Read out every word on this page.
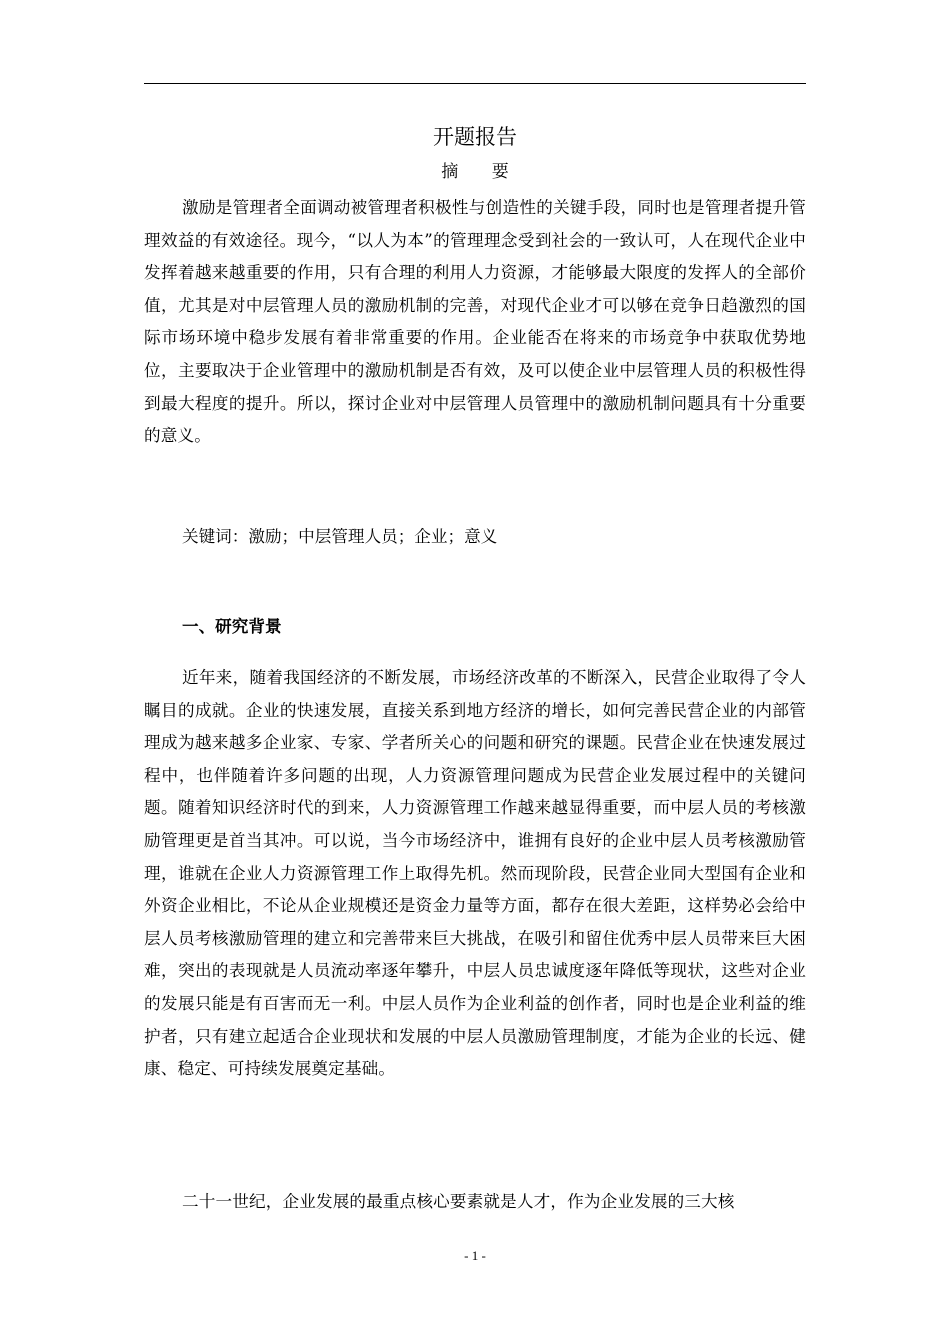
开题报告
摘 要

激励是管理者全面调动被管理者积极性与创造性的关键手段，同时也是管理者提升管理效益的有效途径。现今，“以人为本”的管理理念受到社会的一致认可，人在现代企业中发挥着越来越重要的作用，只有合理的利用人力资源，才能够最大限度的发挥人的全部价值，尤其是对中层管理人员的激励机制的完善，对现代企业才可以够在竞争日趋激烈的国际市场环境中稳步发展有着非常重要的作用。企业能否在将来的市场竞争中获取优势地位，主要取决于企业管理中的激励机制是否有效，及可以使企业中层管理人员的积极性得到最大程度的提升。所以，探讨企业对中层管理人员管理中的激励机制问题具有十分重要的意义。

关键词：激励；中层管理人员；企业；意义
一、研究背景

近年来，随着我国经济的不断发展，市场经济改革的不断深入，民营企业取得了令人瞩目的成就。企业的快速发展，直接关系到地方经济的增长，如何完善民营企业的内部管理成为越来越多企业家、专家、学者所关心的问题和研究的课题。民营企业在快速发展过程中，也伴随着许多问题的出现，人力资源管理问题成为民营企业发展过程中的关键问题。随着知识经济时代的到来，人力资源管理工作越来越显得重要，而中层人员的考核激励管理更是首当其冲。可以说，当今市场经济中，谁拥有良好的企业中层人员考核激励管理，谁就在企业人力资源管理工作上取得先机。然而现阶段，民营企业同大型国有企业和外资企业相比，不论从企业规模还是资金力量等方面，都存在很大差距，这样势必会给中层人员考核激励管理的建立和完善带来巨大挑战，在吸引和留住优秀中层人员带来巨大困难，突出的表现就是人员流动率逐年攀升，中层人员忠诚度逐年降低等现状，这些对企业的发展只能是有百害而无一利。中层人员作为企业利益的创作者，同时也是企业利益的维护者，只有建立起适合企业现状和发展的中层人员激励管理制度，才能为企业的长远、健康、稳定、可持续发展奠定基础。

二十一世纪，企业发展的最重点核心要素就是人才，作为企业发展的三大核

- 1 -
